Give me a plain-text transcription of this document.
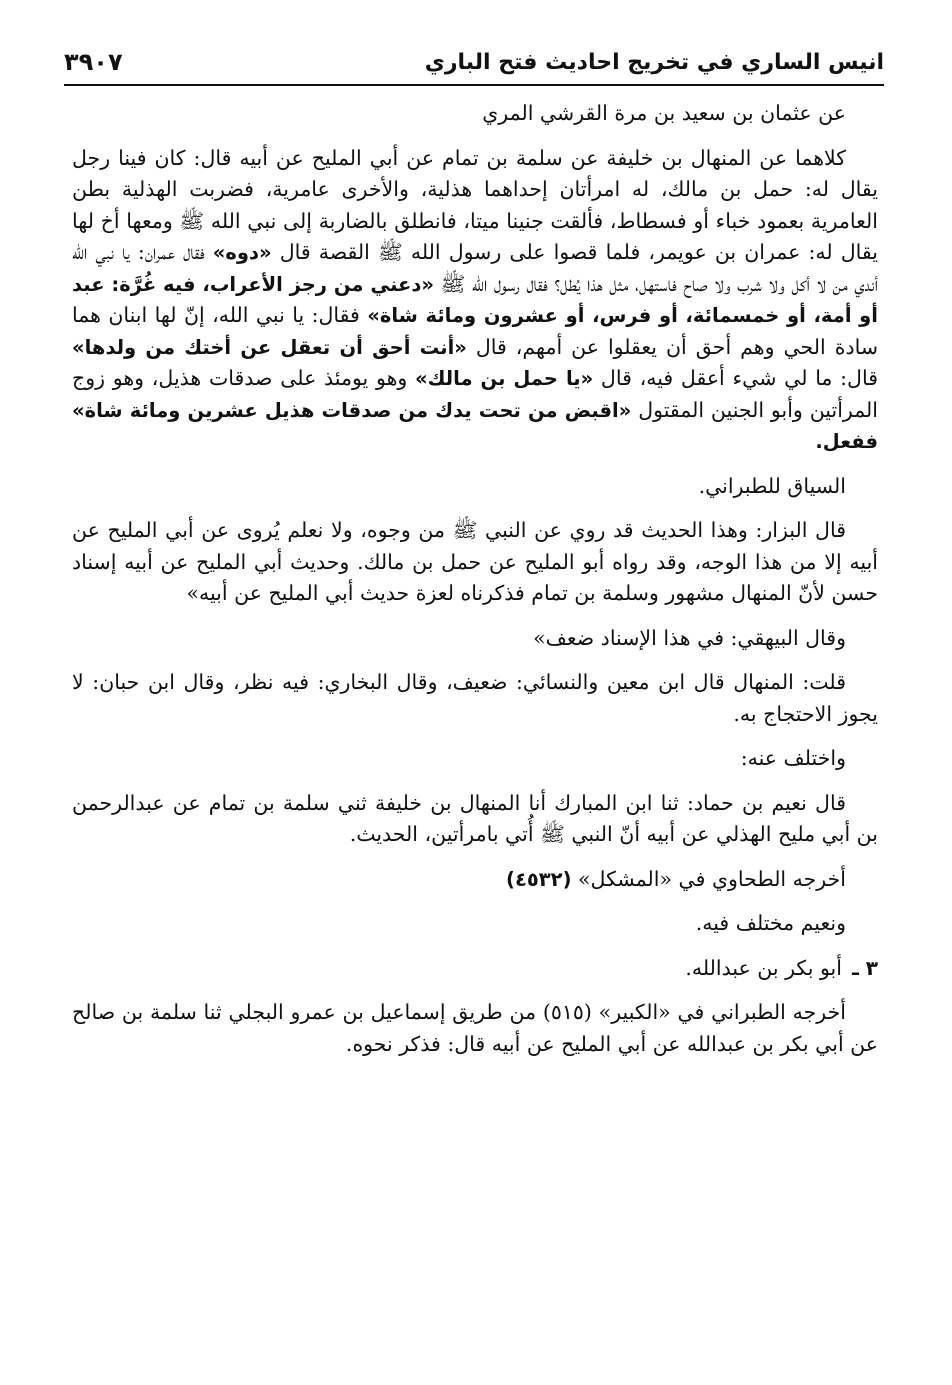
انيس الساري في تخريج احاديث فتح الباري
٣٩٠٧

عن عثمان بن سعيد بن مرة القرشي المري

كلاهما عن المنهال بن خليفة عن سلمة بن تمام عن أبي المليح عن أبيه قال: كان فينا رجل يقال له: حمل بن مالك، له امرأتان إحداهما هذلية، والأخرى عامرية، فضربت الهذلية بطن العامرية بعمود خباء أو فسطاط، فألقت جنينا ميتا، فانطلق بالضاربة إلى نبي الله ﷺ ومعها أخ لها يقال له: عمران بن عويمر، فلما قصوا على رسول الله ﷺ القصة قال «دوه» فقال عمران: يا نبي الله أندي من لا أكل ولا شرب ولا صاح فاستهل، مثل هذا يُطل؟ فقال رسول الله ﷺ «دعني من رجز الأعراب، فيه غُرَّة: عبد أو أمة، أو خمسمائة، أو فرس، أو عشرون ومائة شاة» فقال: يا نبي الله، إنّ لها ابنان هما سادة الحي وهم أحق أن يعقلوا عن أمهم، قال «أنت أحق أن تعقل عن أختك من ولدها» قال: ما لي شيء أعقل فيه، قال «يا حمل بن مالك» وهو يومئذ على صدقات هذيل، وهو زوج المرأتين وأبو الجنين المقتول «اقبض من تحت يدك من صدقات هذيل عشرين ومائة شاة» ففعل.

السياق للطبراني.

قال البزار: وهذا الحديث قد روي عن النبي ﷺ من وجوه، ولا نعلم يُروى عن أبي المليح عن أبيه إلا من هذا الوجه، وقد رواه أبو المليح عن حمل بن مالك. وحديث أبي المليح عن أبيه إسناد حسن لأنّ المنهال مشهور وسلمة بن تمام فذكرناه لعزة حديث أبي المليح عن أبيه»

وقال البيهقي: في هذا الإسناد ضعف»

قلت: المنهال قال ابن معين والنسائي: ضعيف، وقال البخاري: فيه نظر، وقال ابن حبان: لا يجوز الاحتجاج به.

واختلف عنه:

قال نعيم بن حماد: ثنا ابن المبارك أنا المنهال بن خليفة ثني سلمة بن تمام عن عبدالرحمن بن أبي مليح الهذلي عن أبيه أنّ النبي ﷺ أُتي بامرأتين، الحديث.

أخرجه الطحاوي في «المشكل» (٤٥٣٢)

ونعيم مختلف فيه.

٣ ـ
أبو بكر بن عبدالله.

أخرجه الطبراني في «الكبير» (٥١٥) من طريق إسماعيل بن عمرو البجلي ثنا سلمة بن صالح عن أبي بكر بن عبدالله عن أبي المليح عن أبيه قال: فذكر نحوه.
